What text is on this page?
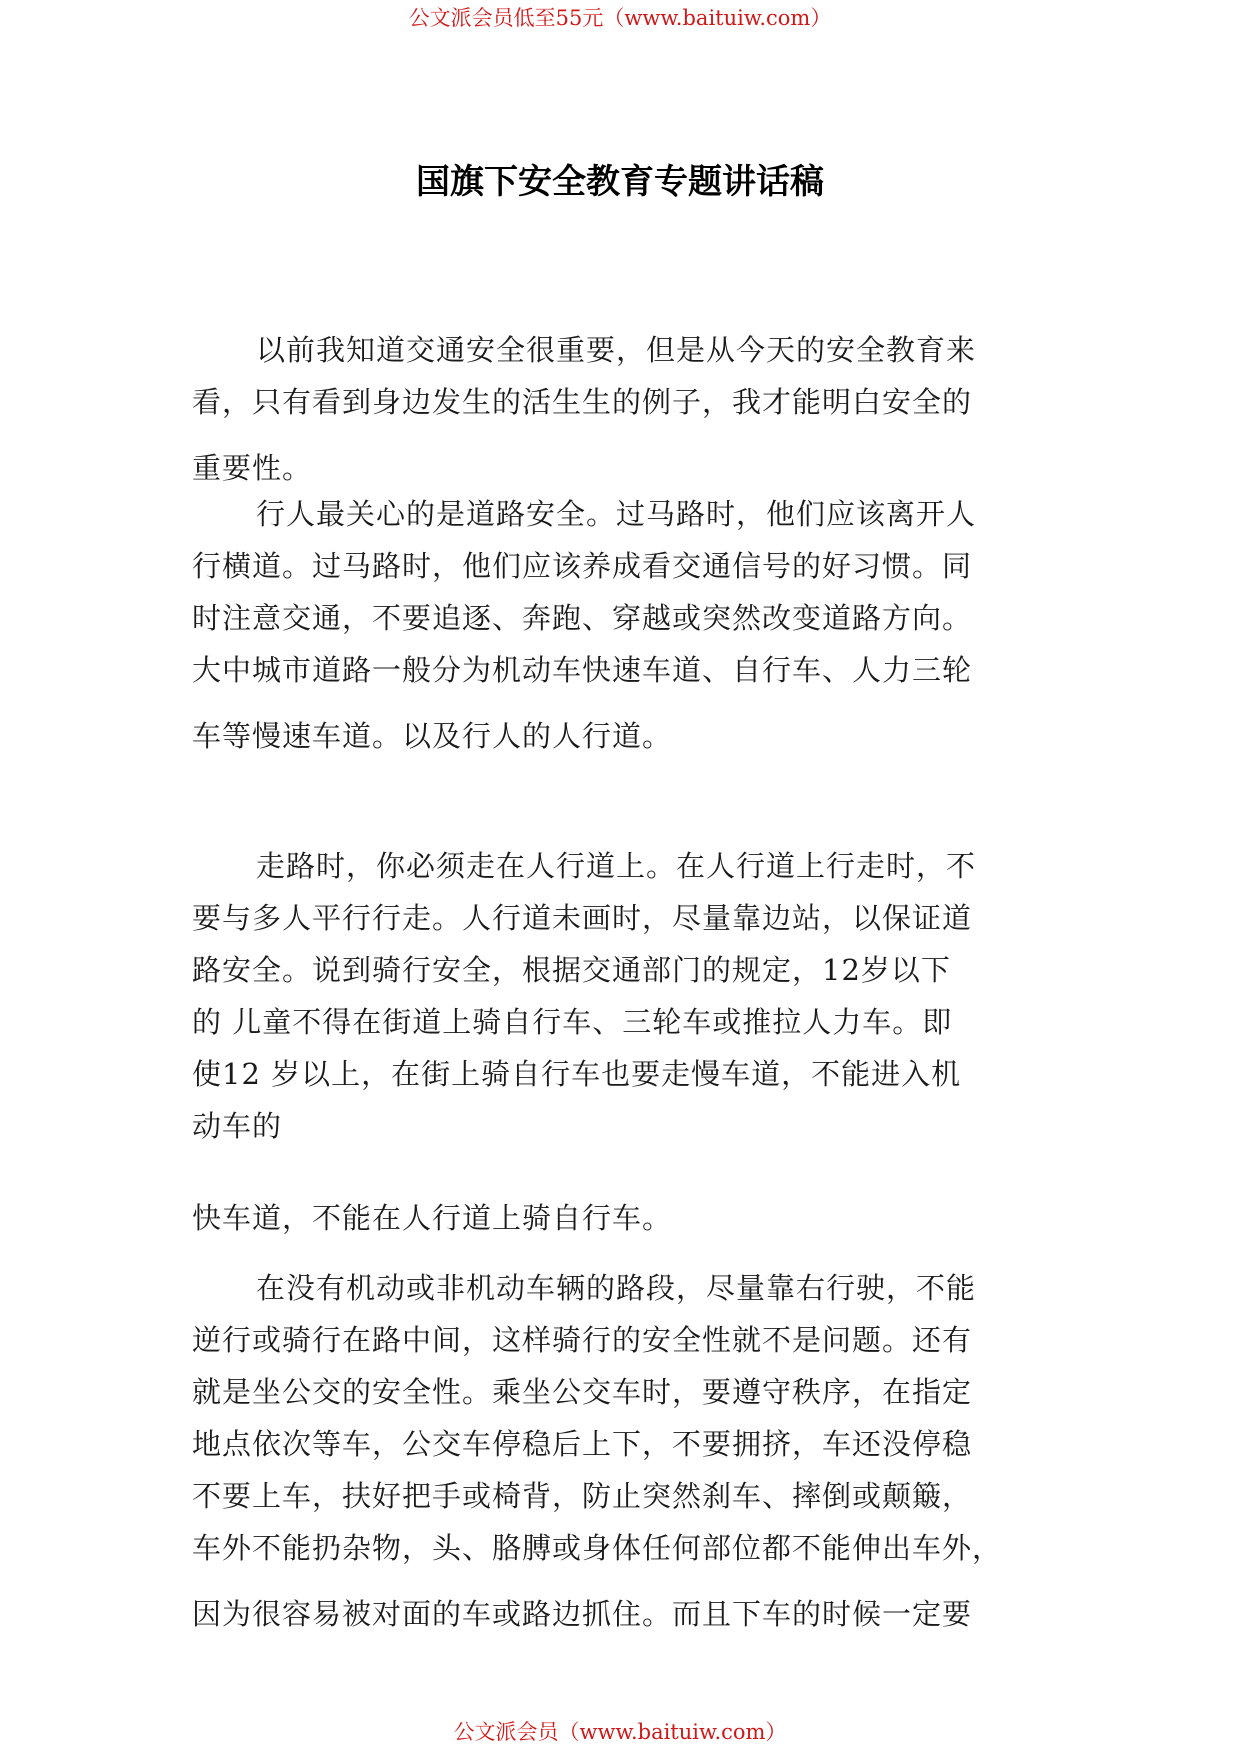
公文派会员低至55元（www.baituiw.com）
国旗下安全教育专题讲话稿
以前我知道交通安全很重要，但是从今天的安全教育来
看，只有看到身边发生的活生生的例子，我才能明白安全的
重要性。
行人最关心的是道路安全。过马路时，他们应该离开人
行横道。过马路时，他们应该养成看交通信号的好习惯。同
时注意交通，不要追逐、奔跑、穿越或突然改变道路方向。
大中城市道路一般分为机动车快速车道、自行车、人力三轮
车等慢速车道。以及行人的人行道。
走路时，你必须走在人行道上。在人行道上行走时，不
要与多人平行行走。人行道未画时，尽量靠边站，以保证道
路安全。说到骑行安全，根据交通部门的规定，12岁以下
的 儿童不得在街道上骑自行车、三轮车或推拉人力车。即
使12 岁以上，在街上骑自行车也要走慢车道，不能进入机
动车的
快车道，不能在人行道上骑自行车。
在没有机动或非机动车辆的路段，尽量靠右行驶，不能
逆行或骑行在路中间，这样骑行的安全性就不是问题。还有
就是坐公交的安全性。乘坐公交车时，要遵守秩序，在指定
地点依次等车，公交车停稳后上下，不要拥挤，车还没停稳
不要上车，扶好把手或椅背，防止突然刹车、摔倒或颠簸，
车外不能扔杂物，头、胳膊或身体任何部位都不能伸出车外，
因为很容易被对面的车或路边抓住。而且下车的时候一定要
公文派会员（www.baituiw.com）
